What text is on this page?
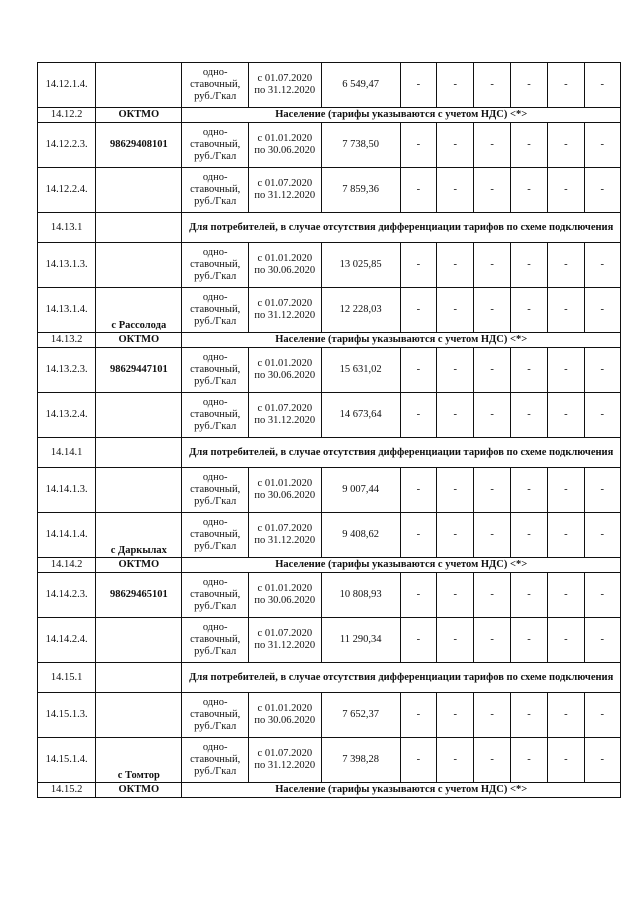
14.12.1.4.		одно-
ставочный,
руб./Гкал	с 01.07.2020
по 31.12.2020	6 549,47	-	-	-	-	-	-
14.12.2	ОКТМО	Население (тарифы указываются с учетом НДС) <*>								
14.12.2.3.	98629408101	одно-
ставочный,
руб./Гкал	с 01.01.2020
по 30.06.2020	7 738,50	-	-	-	-	-	-
14.12.2.4.		одно-
ставочный,
руб./Гкал	с 01.07.2020
по 31.12.2020	7 859,36	-	-	-	-	-	-
14.13.1		Для потребителей, в случае отсутствия дифференциации тарифов по схеме подключения								
14.13.1.3.		одно-
ставочный,
руб./Гкал	с 01.01.2020
по 30.06.2020	13 025,85	-	-	-	-	-	-
14.13.1.4.	с Рассолода	одно-
ставочный,
руб./Гкал	с 01.07.2020
по 31.12.2020	12 228,03	-	-	-	-	-	-
14.13.2	ОКТМО	Население (тарифы указываются с учетом НДС) <*>								
14.13.2.3.	98629447101	одно-
ставочный,
руб./Гкал	с 01.01.2020
по 30.06.2020	15 631,02	-	-	-	-	-	-
14.13.2.4.		одно-
ставочный,
руб./Гкал	с 01.07.2020
по 31.12.2020	14 673,64	-	-	-	-	-	-
14.14.1		Для потребителей, в случае отсутствия дифференциации тарифов по схеме подключения								
14.14.1.3.		одно-
ставочный,
руб./Гкал	с 01.01.2020
по 30.06.2020	9 007,44	-	-	-	-	-	-
14.14.1.4.	с Даркылах	одно-
ставочный,
руб./Гкал	с 01.07.2020
по 31.12.2020	9 408,62	-	-	-	-	-	-
14.14.2	ОКТМО	Население (тарифы указываются с учетом НДС) <*>								
14.14.2.3.	98629465101	одно-
ставочный,
руб./Гкал	с 01.01.2020
по 30.06.2020	10 808,93	-	-	-	-	-	-
14.14.2.4.		одно-
ставочный,
руб./Гкал	с 01.07.2020
по 31.12.2020	11 290,34	-	-	-	-	-	-
14.15.1		Для потребителей, в случае отсутствия дифференциации тарифов по схеме подключения								
14.15.1.3.		одно-
ставочный,
руб./Гкал	с 01.01.2020
по 30.06.2020	7 652,37	-	-	-	-	-	-
14.15.1.4.	с Томтор	одно-
ставочный,
руб./Гкал	с 01.07.2020
по 31.12.2020	7 398,28	-	-	-	-	-	-
14.15.2	ОКТМО	Население (тарифы указываются с учетом НДС) <*>								
